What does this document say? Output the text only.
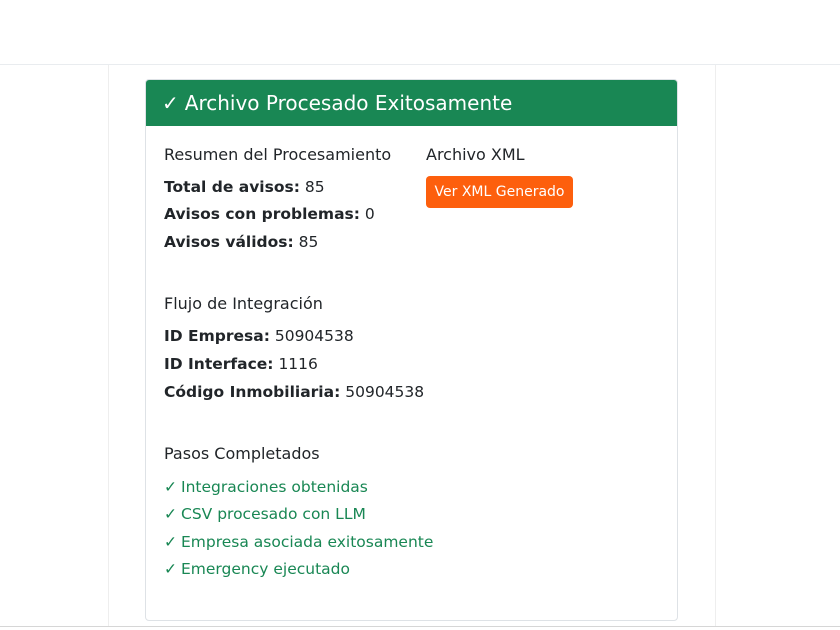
✓ Archivo Procesado Exitosamente
Resumen del Procesamiento
Total de avisos: 85
Avisos con problemas: 0
Avisos válidos: 85
Archivo XML
Ver XML Generado
Flujo de Integración
ID Empresa: 50904538
ID Interface: 1116
Código Inmobiliaria: 50904538
Pasos Completados
✓ Integraciones obtenidas
✓ CSV procesado con LLM
✓ Empresa asociada exitosamente
✓ Emergency ejecutado
